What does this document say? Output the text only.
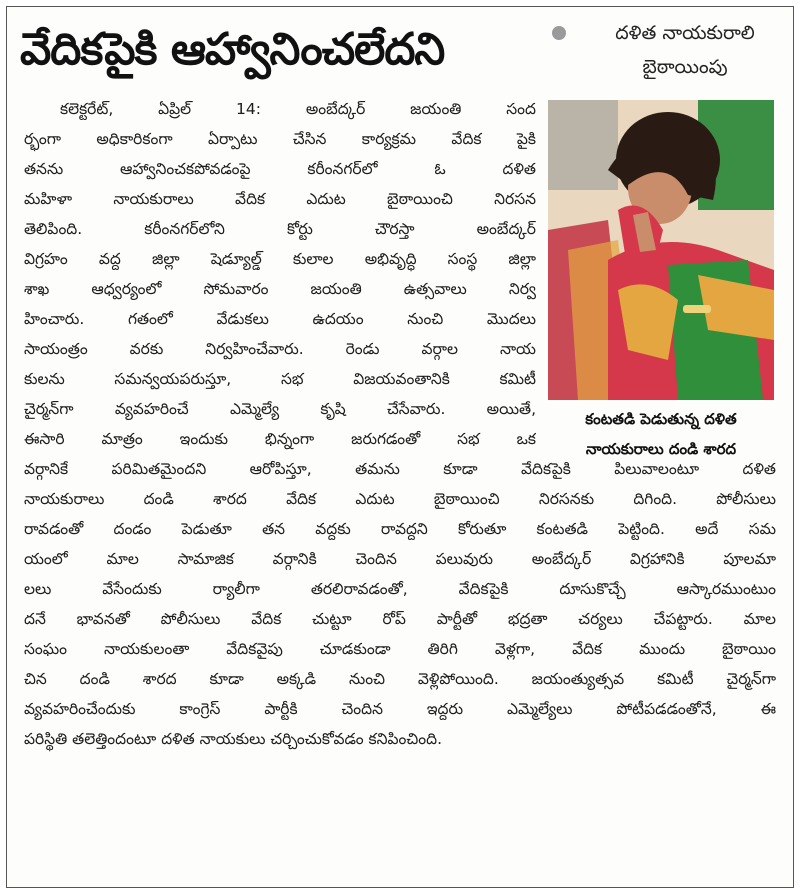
వేదికపైకి ఆహ్వానించలేదని	దళిత నాయకురాలి
బైఠాయింపు
కంటతడి పెడుతున్న దళిత
నాయకురాలు దండి శారద
కలెక్టరేట్, ఏప్రిల్ 14: అంబేద్కర్ జయంతి సంద
ర్భంగా అధికారికంగా ఏర్పాటు చేసిన కార్యక్రమ వేదిక పైకి
తనను ఆహ్వానించకపోవడంపై కరీంనగర్‌లో ఓ దళిత
మహిళా నాయకురాలు వేదిక ఎదుట బైఠాయించి నిరసన
తెలిపింది. కరీంనగర్‌లోని కోర్టు చౌరస్తా అంబేద్కర్
విగ్రహం వద్ద జిల్లా షెడ్యూల్డ్ కులాల అభివృద్ధి సంస్థ జిల్లా
శాఖ ఆధ్వర్యంలో సోమవారం జయంతి ఉత్సవాలు నిర్వ
హించారు. గతంలో వేడుకలు ఉదయం నుంచి మొదలు
సాయంత్రం వరకు నిర్వహించేవారు. రెండు వర్గాల నాయ
కులను సమన్వయపరుస్తూ, సభ విజయవంతానికి కమిటీ
చైర్మన్‌గా వ్యవహరించే ఎమ్మెల్యే కృషి చేసేవారు. అయితే,
ఈసారి మాత్రం ఇందుకు భిన్నంగా జరుగడంతో సభ ఒక
వర్గానికే పరిమితమైందని ఆరోపిస్తూ, తమను కూడా వేదికపైకి పిలువాలంటూ దళిత
నాయకురాలు దండి శారద వేదిక ఎదుట బైఠాయించి నిరసనకు దిగింది. పోలీసులు
రావడంతో దండం పెడుతూ తన వద్దకు రావద్దని కోరుతూ కంటతడి పెట్టింది. అదే సమ
యంలో మాల సామాజిక వర్గానికి చెందిన పలువురు అంబేద్కర్ విగ్రహానికి పూలమా
లలు వేసేందుకు ర్యాలీగా తరలిరావడంతో, వేదికపైకి దూసుకొచ్చే ఆస్కారముంటుం
దనే భావనతో పోలీసులు వేదిక చుట్టూ రోప్ పార్టీతో భద్రతా చర్యలు చేపట్టారు. మాల
సంఘం నాయకులంతా వేదికవైపు చూడకుండా తిరిగి వెళ్లగా, వేదిక ముందు బైఠాయిం
చిన దండి శారద కూడా అక్కడి నుంచి వెళ్లిపోయింది. జయంత్యుత్సవ కమిటీ చైర్మన్‌గా
వ్యవహరించేందుకు కాంగ్రెస్ పార్టీకి చెందిన ఇద్దరు ఎమ్మెల్యేలు పోటీపడడంతోనే, ఈ
పరిస్థితి తలెత్తిందంటూ దళిత నాయకులు చర్చించుకోవడం కనిపించింది.
